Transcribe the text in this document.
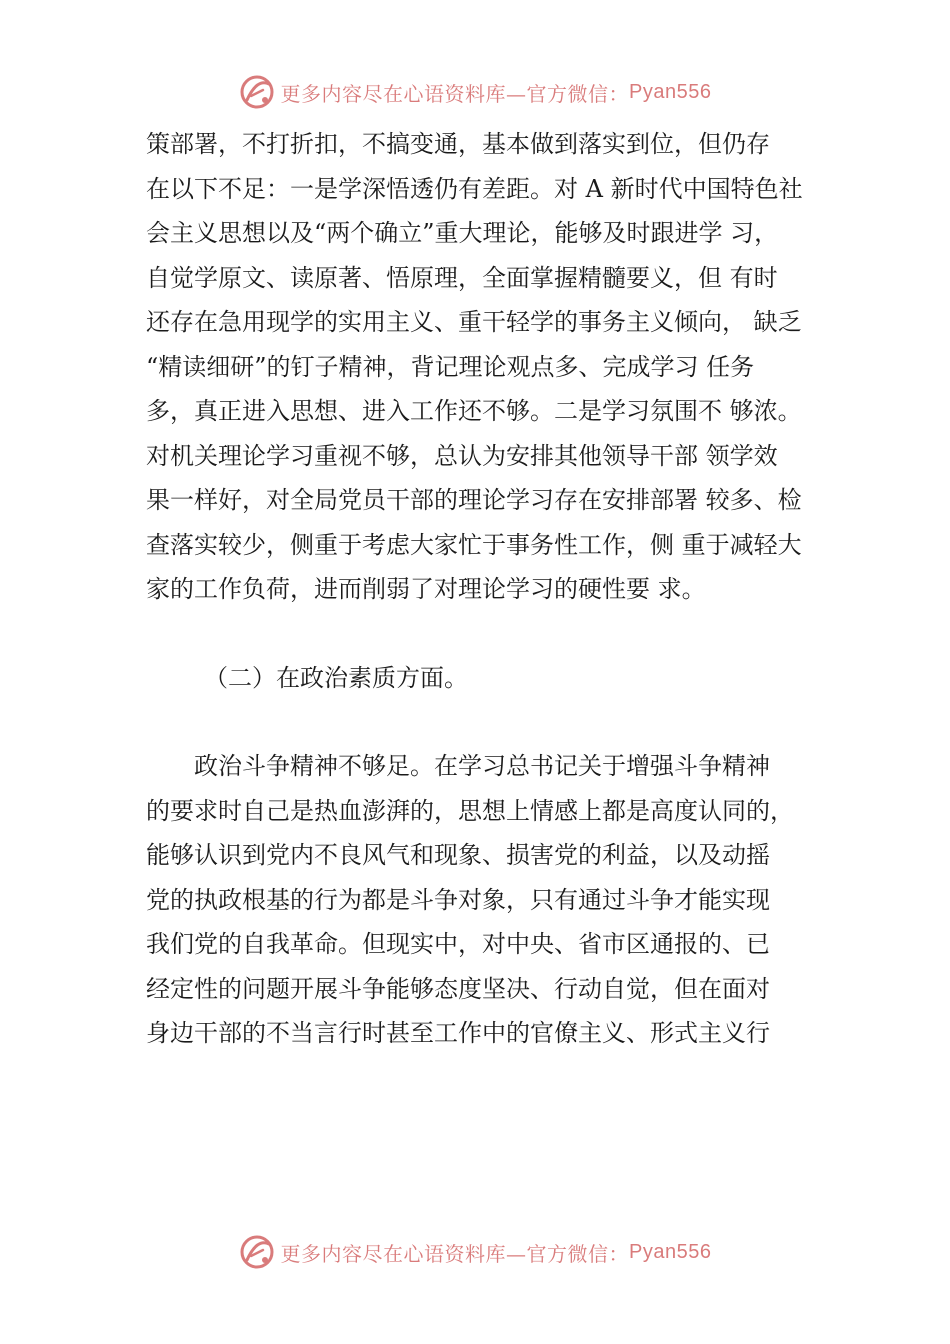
更多内容尽在心语资料库—官方微信： Pyan556
策部署，不打折扣，不搞变通，基本做到落实到位，但仍存
在以下不足：一是学深悟透仍有差距。对 A 新时代中国特色社
会主义思想以及“两个确立”重大理论，能够及时跟进学 习，
自觉学原文、读原著、悟原理，全面掌握精髓要义，但 有时
还存在急用现学的实用主义、重干轻学的事务主义倾向， 缺乏
“精读细研”的钉子精神，背记理论观点多、完成学习 任务
多，真正进入思想、进入工作还不够。二是学习氛围不 够浓。
对机关理论学习重视不够，总认为安排其他领导干部 领学效
果一样好，对全局党员干部的理论学习存在安排部署 较多、检
查落实较少，侧重于考虑大家忙于事务性工作，侧 重于减轻大
家的工作负荷，进而削弱了对理论学习的硬性要 求。
（二）在政治素质方面。
政治斗争精神不够足。在学习总书记关于增强斗争精神
的要求时自己是热血澎湃的，思想上情感上都是高度认同的，
能够认识到党内不良风气和现象、损害党的利益，以及动摇
党的执政根基的行为都是斗争对象，只有通过斗争才能实现
我们党的自我革命。但现实中，对中央、省市区通报的、已
经定性的问题开展斗争能够态度坚决、行动自觉，但在面对
身边干部的不当言行时甚至工作中的官僚主义、形式主义行
更多内容尽在心语资料库—官方微信： Pyan556
